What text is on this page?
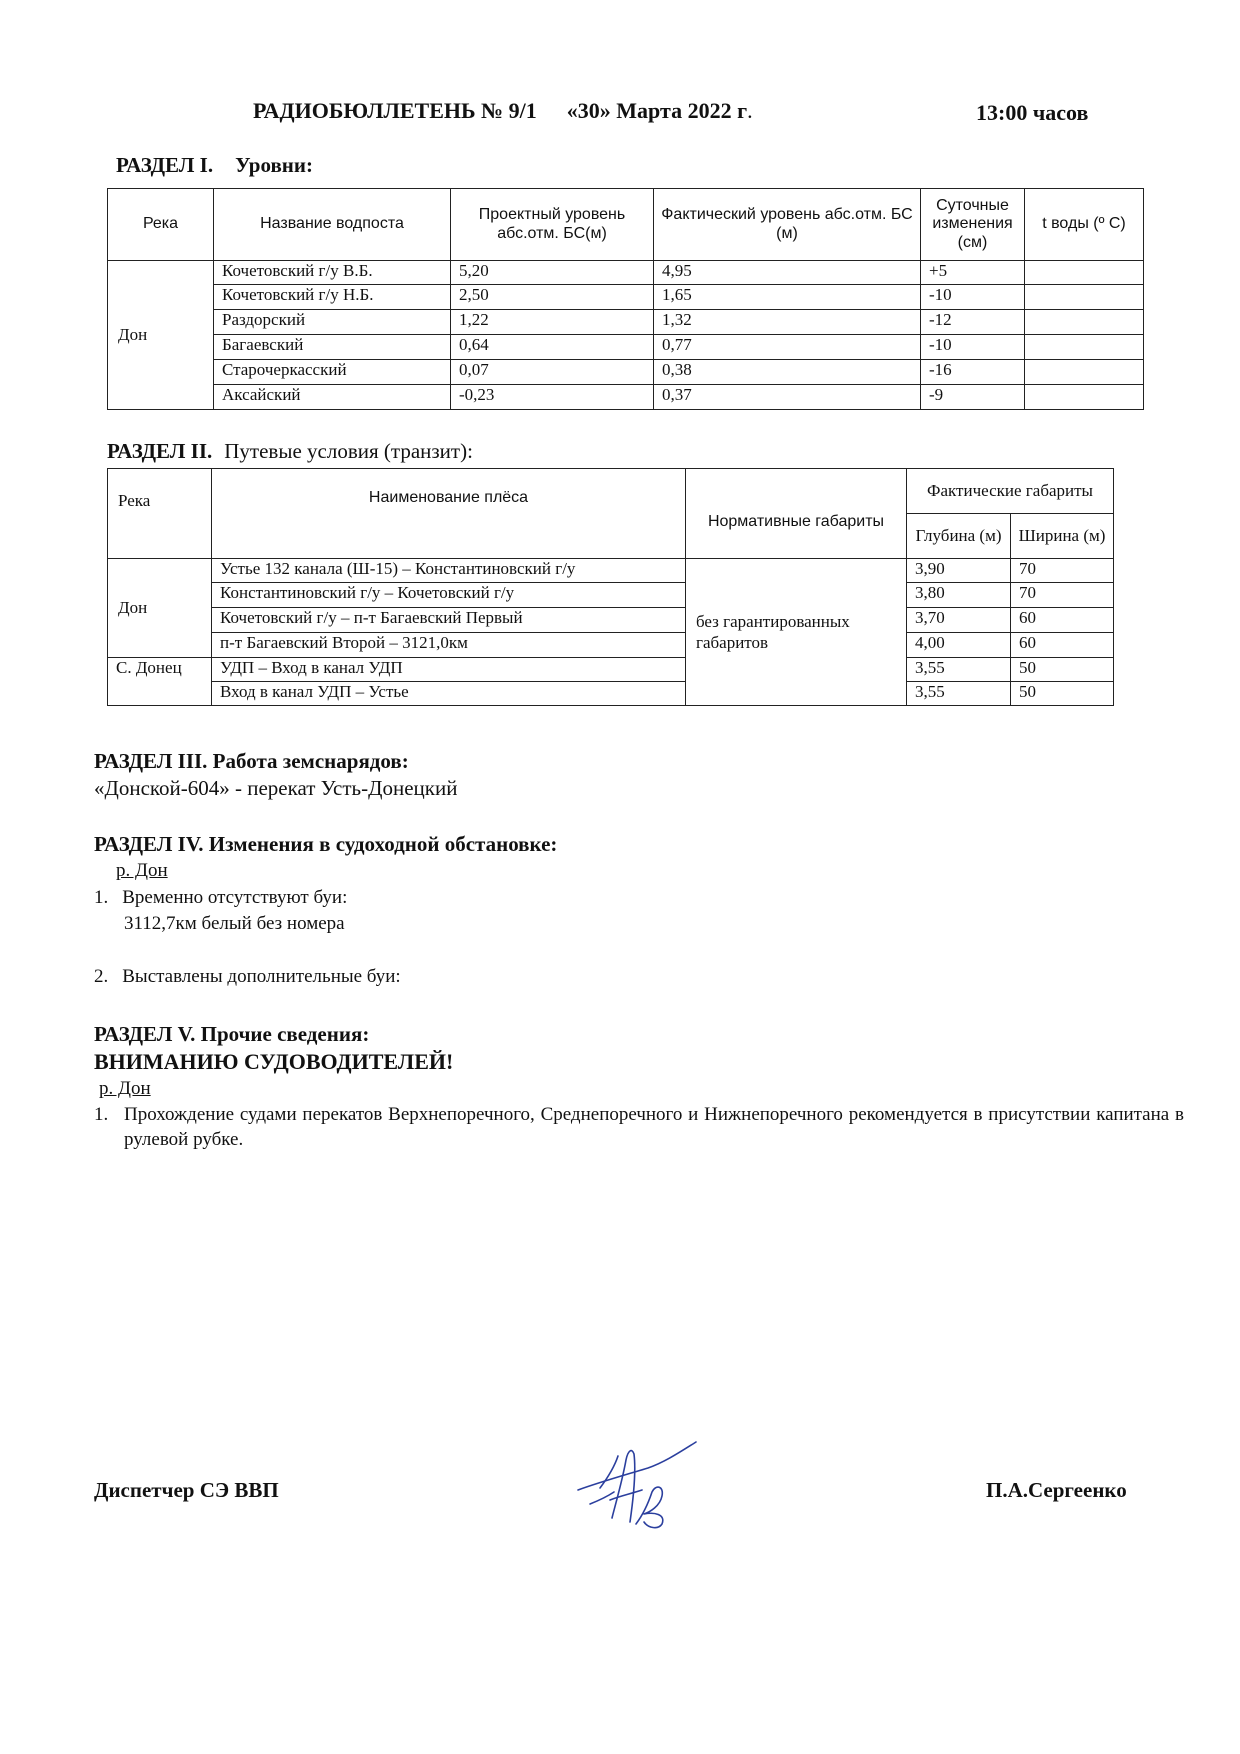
РАДИОБЮЛЛЕТЕНЬ № 9/1 «30» Марта 2022 г.	13:00 часов
РАЗДЕЛ I. Уровни:
Река	Название водпоста	Проектный уровень абс.отм. БС(м)	Фактический уровень абс.отм. БС (м)	Суточные изменения (см)	t воды (º C)
Дон	Кочетовский г/у В.Б.	5,20	4,95	+5	
	Кочетовский г/у Н.Б.	2,50	1,65	-10	
	Раздорский	1,22	1,32	-12	
	Багаевский	0,64	0,77	-10	
	Старочеркасский	0,07	0,38	-16	
	Аксайский	-0,23	0,37	-9	
РАЗДЕЛ II. Путевые условия (транзит):
Река	Наименование плёса	Нормативные габариты	Фактические габариты	
			Глубина (м)	Ширина (м)
Дон	Устье 132 канала (Ш-15) – Константиновский г/у	без гарантированных габаритов	3,90	70
	Константиновский г/у – Кочетовский г/у		3,80	70
	Кочетовский г/у – п-т Багаевский Первый		3,70	60
	п-т Багаевский Второй – 3121,0км		4,00	60
С. Донец	УДП – Вход в канал УДП		3,55	50
	Вход в канал УДП – Устье		3,55	50
РАЗДЕЛ III. Работа земснарядов:
«Донской-604» - перекат Усть-Донецкий
РАЗДЕЛ IV. Изменения в судоходной обстановке:
р. Дон
1. Временно отсутствуют буи:
3112,7км белый без номера
2. Выставлены дополнительные буи:
РАЗДЕЛ V. Прочие сведения:
ВНИМАНИЮ СУДОВОДИТЕЛЕЙ!
р. Дон
1. Прохождение судами перекатов Верхнепоречного, Среднепоречного и Нижнепоречного рекомендуется в присутствии капитана в рулевой рубке.
Диспетчер СЭ ВВП	П.А.Сергеенко
